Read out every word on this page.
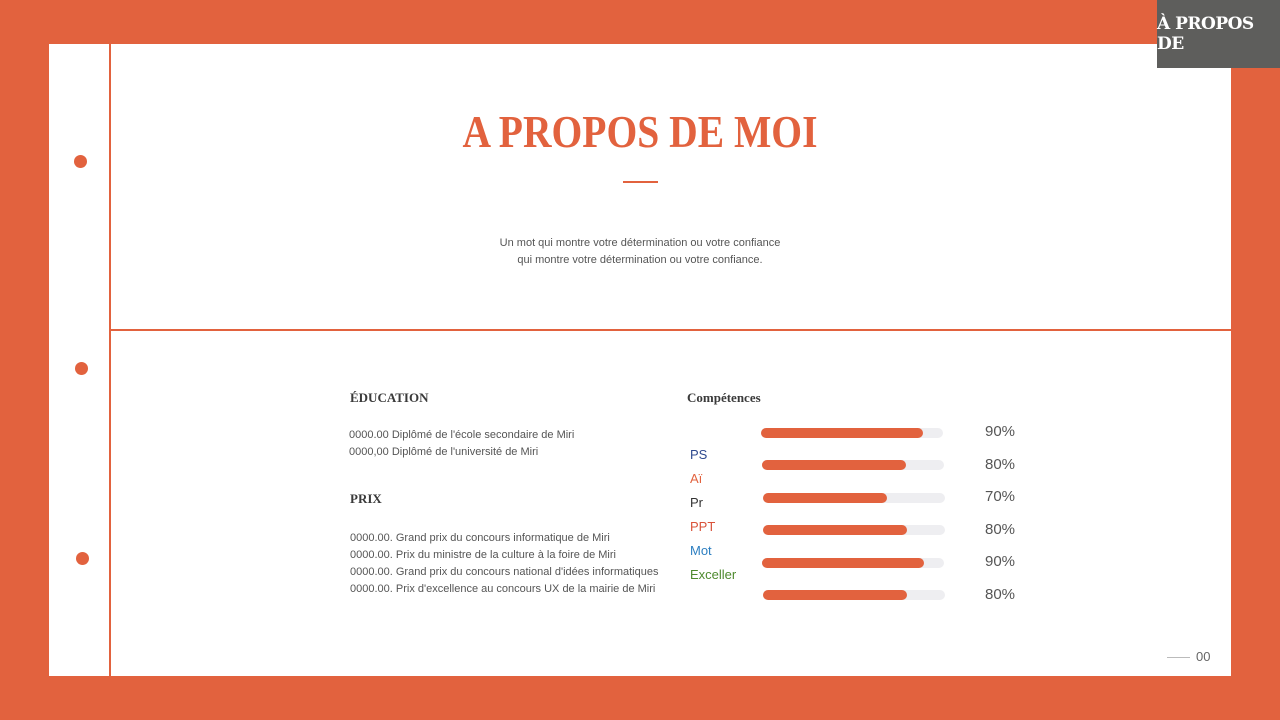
À PROPOS DE
A PROPOS DE MOI
Un mot qui montre votre détermination ou votre confiance
qui montre votre détermination ou votre confiance.
ÉDUCATION
0000.00 Diplômé de l'école secondaire de Miri
0000,00 Diplômé de l'université de Miri
PRIX
0000.00. Grand prix du concours informatique de Miri
0000.00. Prix du ministre de la culture à la foire de Miri
0000.00. Grand prix du concours national d'idées informatiques
0000.00. Prix d'excellence au concours UX de la mairie de Miri
Compétences
PS
Aï
Pr
PPT
Mot
Exceller
90%
80%
70%
80%
90%
80%
00
